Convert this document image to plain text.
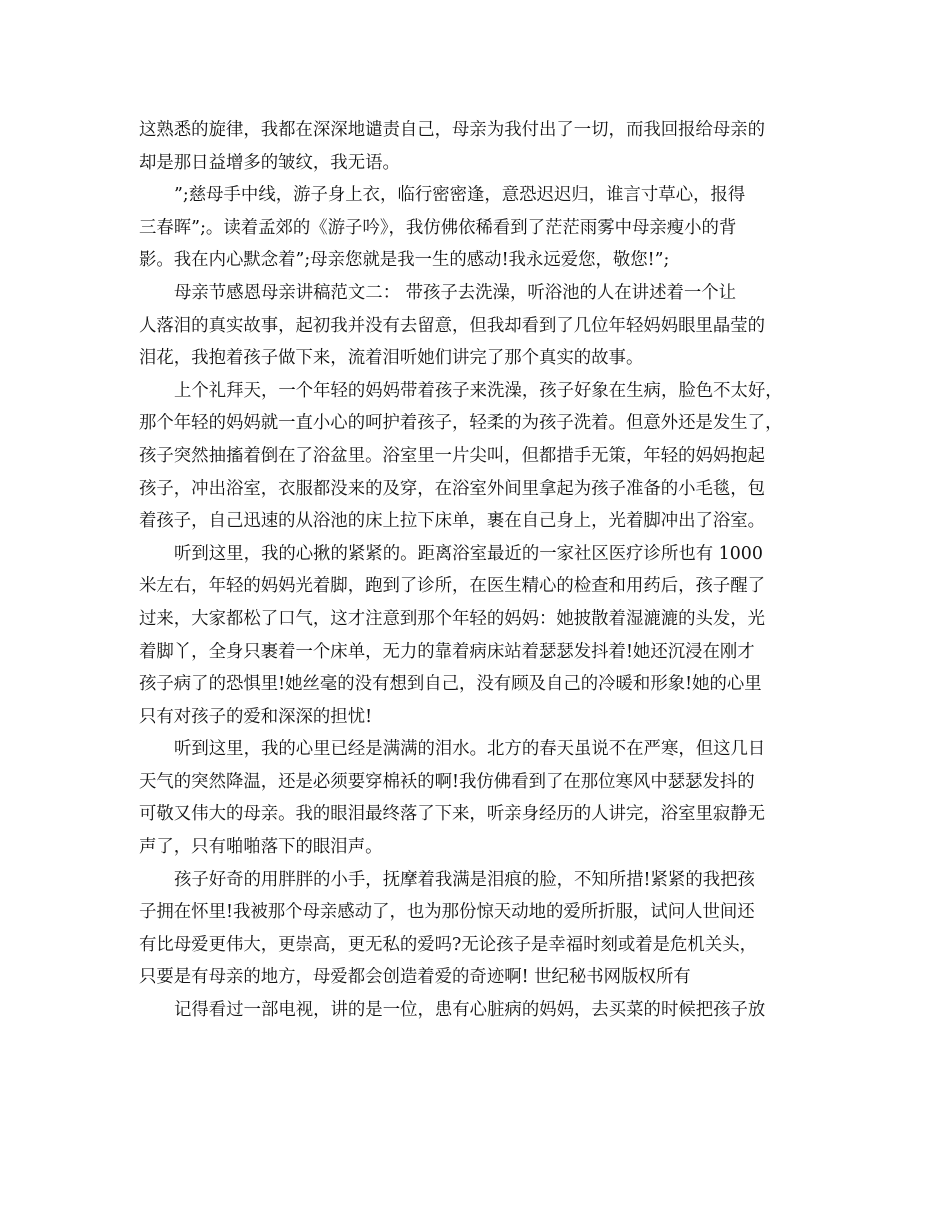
这熟悉的旋律，我都在深深地谴责自己，母亲为我付出了一切，而我回报给母亲的
却是那日益增多的皱纹，我无语。
”;慈母手中线，游子身上衣，临行密密逢，意恐迟迟归，谁言寸草心，报得
三春晖”;。读着孟郊的《游子吟》，我仿佛依稀看到了茫茫雨雾中母亲瘦小的背
影。我在内心默念着”;母亲您就是我一生的感动!我永远爱您，敬您!”;
母亲节感恩母亲讲稿范文二： 带孩子去洗澡，听浴池的人在讲述着一个让
人落泪的真实故事，起初我并没有去留意，但我却看到了几位年轻妈妈眼里晶莹的
泪花，我抱着孩子做下来，流着泪听她们讲完了那个真实的故事。
上个礼拜天，一个年轻的妈妈带着孩子来洗澡，孩子好象在生病，脸色不太好，
那个年轻的妈妈就一直小心的呵护着孩子，轻柔的为孩子洗着。但意外还是发生了，
孩子突然抽搐着倒在了浴盆里。浴室里一片尖叫，但都措手无策，年轻的妈妈抱起
孩子，冲出浴室，衣服都没来的及穿，在浴室外间里拿起为孩子准备的小毛毯，包
着孩子，自己迅速的从浴池的床上拉下床单，裹在自己身上，光着脚冲出了浴室。
听到这里，我的心揪的紧紧的。距离浴室最近的一家社区医疗诊所也有 1000
米左右，年轻的妈妈光着脚，跑到了诊所，在医生精心的检查和用药后，孩子醒了
过来，大家都松了口气，这才注意到那个年轻的妈妈：她披散着湿漉漉的头发，光
着脚丫，全身只裹着一个床单，无力的靠着病床站着瑟瑟发抖着!她还沉浸在刚才
孩子病了的恐惧里!她丝毫的没有想到自己，没有顾及自己的冷暖和形象!她的心里
只有对孩子的爱和深深的担忧!
听到这里，我的心里已经是满满的泪水。北方的春天虽说不在严寒，但这几日
天气的突然降温，还是必须要穿棉袄的啊!我仿佛看到了在那位寒风中瑟瑟发抖的
可敬又伟大的母亲。我的眼泪最终落了下来，听亲身经历的人讲完，浴室里寂静无
声了，只有啪啪落下的眼泪声。
孩子好奇的用胖胖的小手，抚摩着我满是泪痕的脸，不知所措!紧紧的我把孩
子拥在怀里!我被那个母亲感动了，也为那份惊天动地的爱所折服，试问人世间还
有比母爱更伟大，更崇高，更无私的爱吗?无论孩子是幸福时刻或着是危机关头，
只要是有母亲的地方，母爱都会创造着爱的奇迹啊! 世纪秘书网版权所有
记得看过一部电视，讲的是一位，患有心脏病的妈妈，去买菜的时候把孩子放
